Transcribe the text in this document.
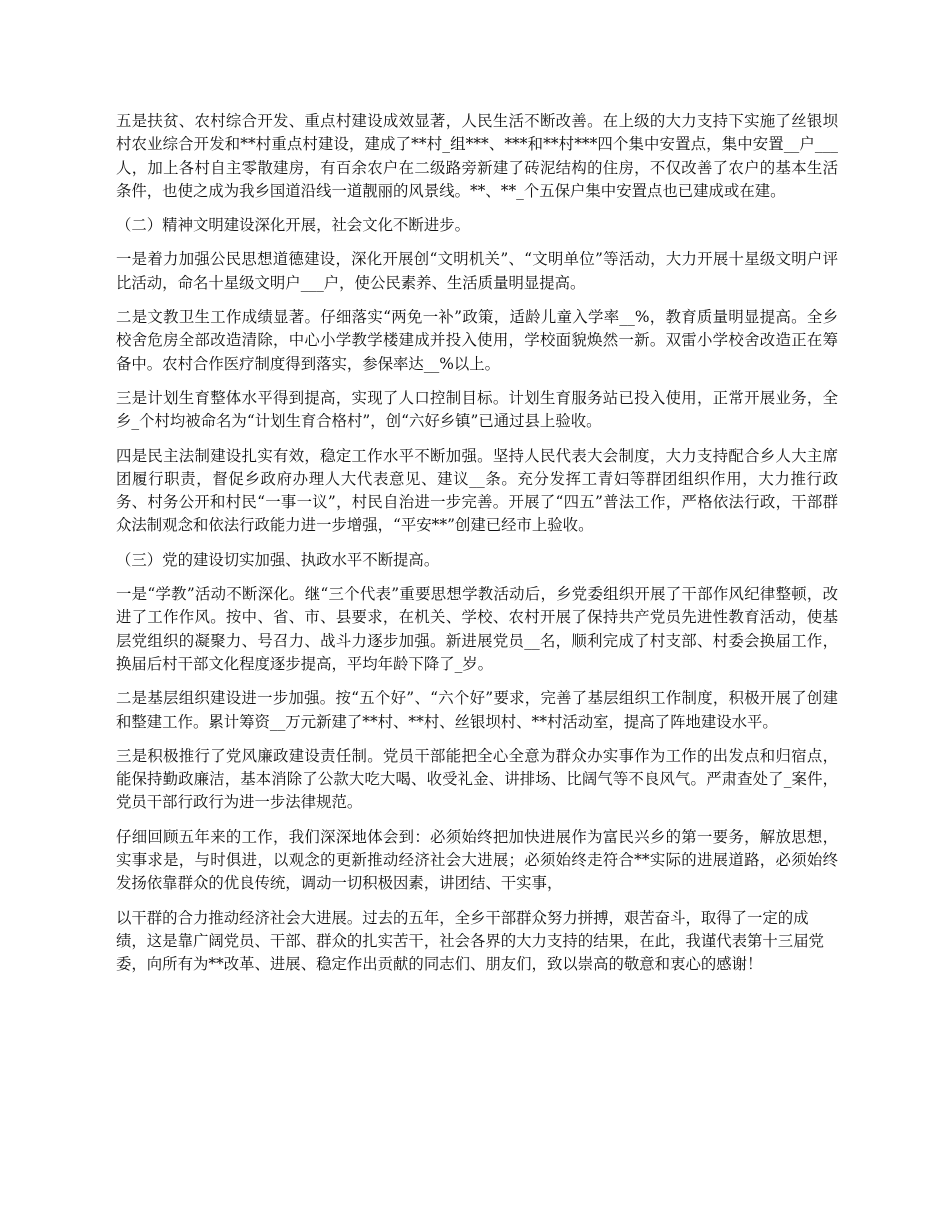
五是扶贫、农村综合开发、重点村建设成效显著，人民生活不断改善。在上级的大力支持下实施了丝银坝村农业综合开发和**村重点村建设，建成了**村_组***、***和**村***四个集中安置点，集中安置__户___人，加上各村自主零散建房，有百余农户在二级路旁新建了砖泥结构的住房，不仅改善了农户的基本生活条件，也使之成为我乡国道沿线一道靓丽的风景线。**、**_个五保户集中安置点也已建成或在建。

（二）精神文明建设深化开展，社会文化不断进步。

一是着力加强公民思想道德建设，深化开展创“文明机关”、“文明单位”等活动，大力开展十星级文明户评比活动，命名十星级文明户___户，使公民素养、生活质量明显提高。

二是文教卫生工作成绩显著。仔细落实“两免一补”政策，适龄儿童入学率__%，教育质量明显提高。全乡校舍危房全部改造清除，中心小学教学楼建成并投入使用，学校面貌焕然一新。双雷小学校舍改造正在筹备中。农村合作医疗制度得到落实，参保率达__%以上。

三是计划生育整体水平得到提高，实现了人口控制目标。计划生育服务站已投入使用，正常开展业务，全乡_个村均被命名为“计划生育合格村”，创“六好乡镇”已通过县上验收。

四是民主法制建设扎实有效，稳定工作水平不断加强。坚持人民代表大会制度，大力支持配合乡人大主席团履行职责，督促乡政府办理人大代表意见、建议__条。充分发挥工青妇等群团组织作用，大力推行政务、村务公开和村民“一事一议”，村民自治进一步完善。开展了“四五”普法工作，严格依法行政，干部群众法制观念和依法行政能力进一步增强，“平安**”创建已经市上验收。

（三）党的建设切实加强、执政水平不断提高。

一是“学教”活动不断深化。继“三个代表”重要思想学教活动后，乡党委组织开展了干部作风纪律整顿，改进了工作作风。按中、省、市、县要求，在机关、学校、农村开展了保持共产党员先进性教育活动，使基层党组织的凝聚力、号召力、战斗力逐步加强。新进展党员__名，顺利完成了村支部、村委会换届工作，换届后村干部文化程度逐步提高，平均年龄下降了_岁。

二是基层组织建设进一步加强。按“五个好”、“六个好”要求，完善了基层组织工作制度，积极开展了创建和整建工作。累计筹资__万元新建了**村、**村、丝银坝村、**村活动室，提高了阵地建设水平。

三是积极推行了党风廉政建设责任制。党员干部能把全心全意为群众办实事作为工作的出发点和归宿点，能保持勤政廉洁，基本消除了公款大吃大喝、收受礼金、讲排场、比阔气等不良风气。严肃查处了_案件，党员干部行政行为进一步法律规范。

仔细回顾五年来的工作，我们深深地体会到：必须始终把加快进展作为富民兴乡的第一要务，解放思想，实事求是，与时俱进，以观念的更新推动经济社会大进展；必须始终走符合**实际的进展道路，必须始终发扬依靠群众的优良传统，调动一切积极因素，讲团结、干实事，

以干群的合力推动经济社会大进展。过去的五年，全乡干部群众努力拼搏，艰苦奋斗，取得了一定的成绩，这是靠广阔党员、干部、群众的扎实苦干，社会各界的大力支持的结果，在此，我谨代表第十三届党委，向所有为**改革、进展、稳定作出贡献的同志们、朋友们，致以崇高的敬意和衷心的感谢！
